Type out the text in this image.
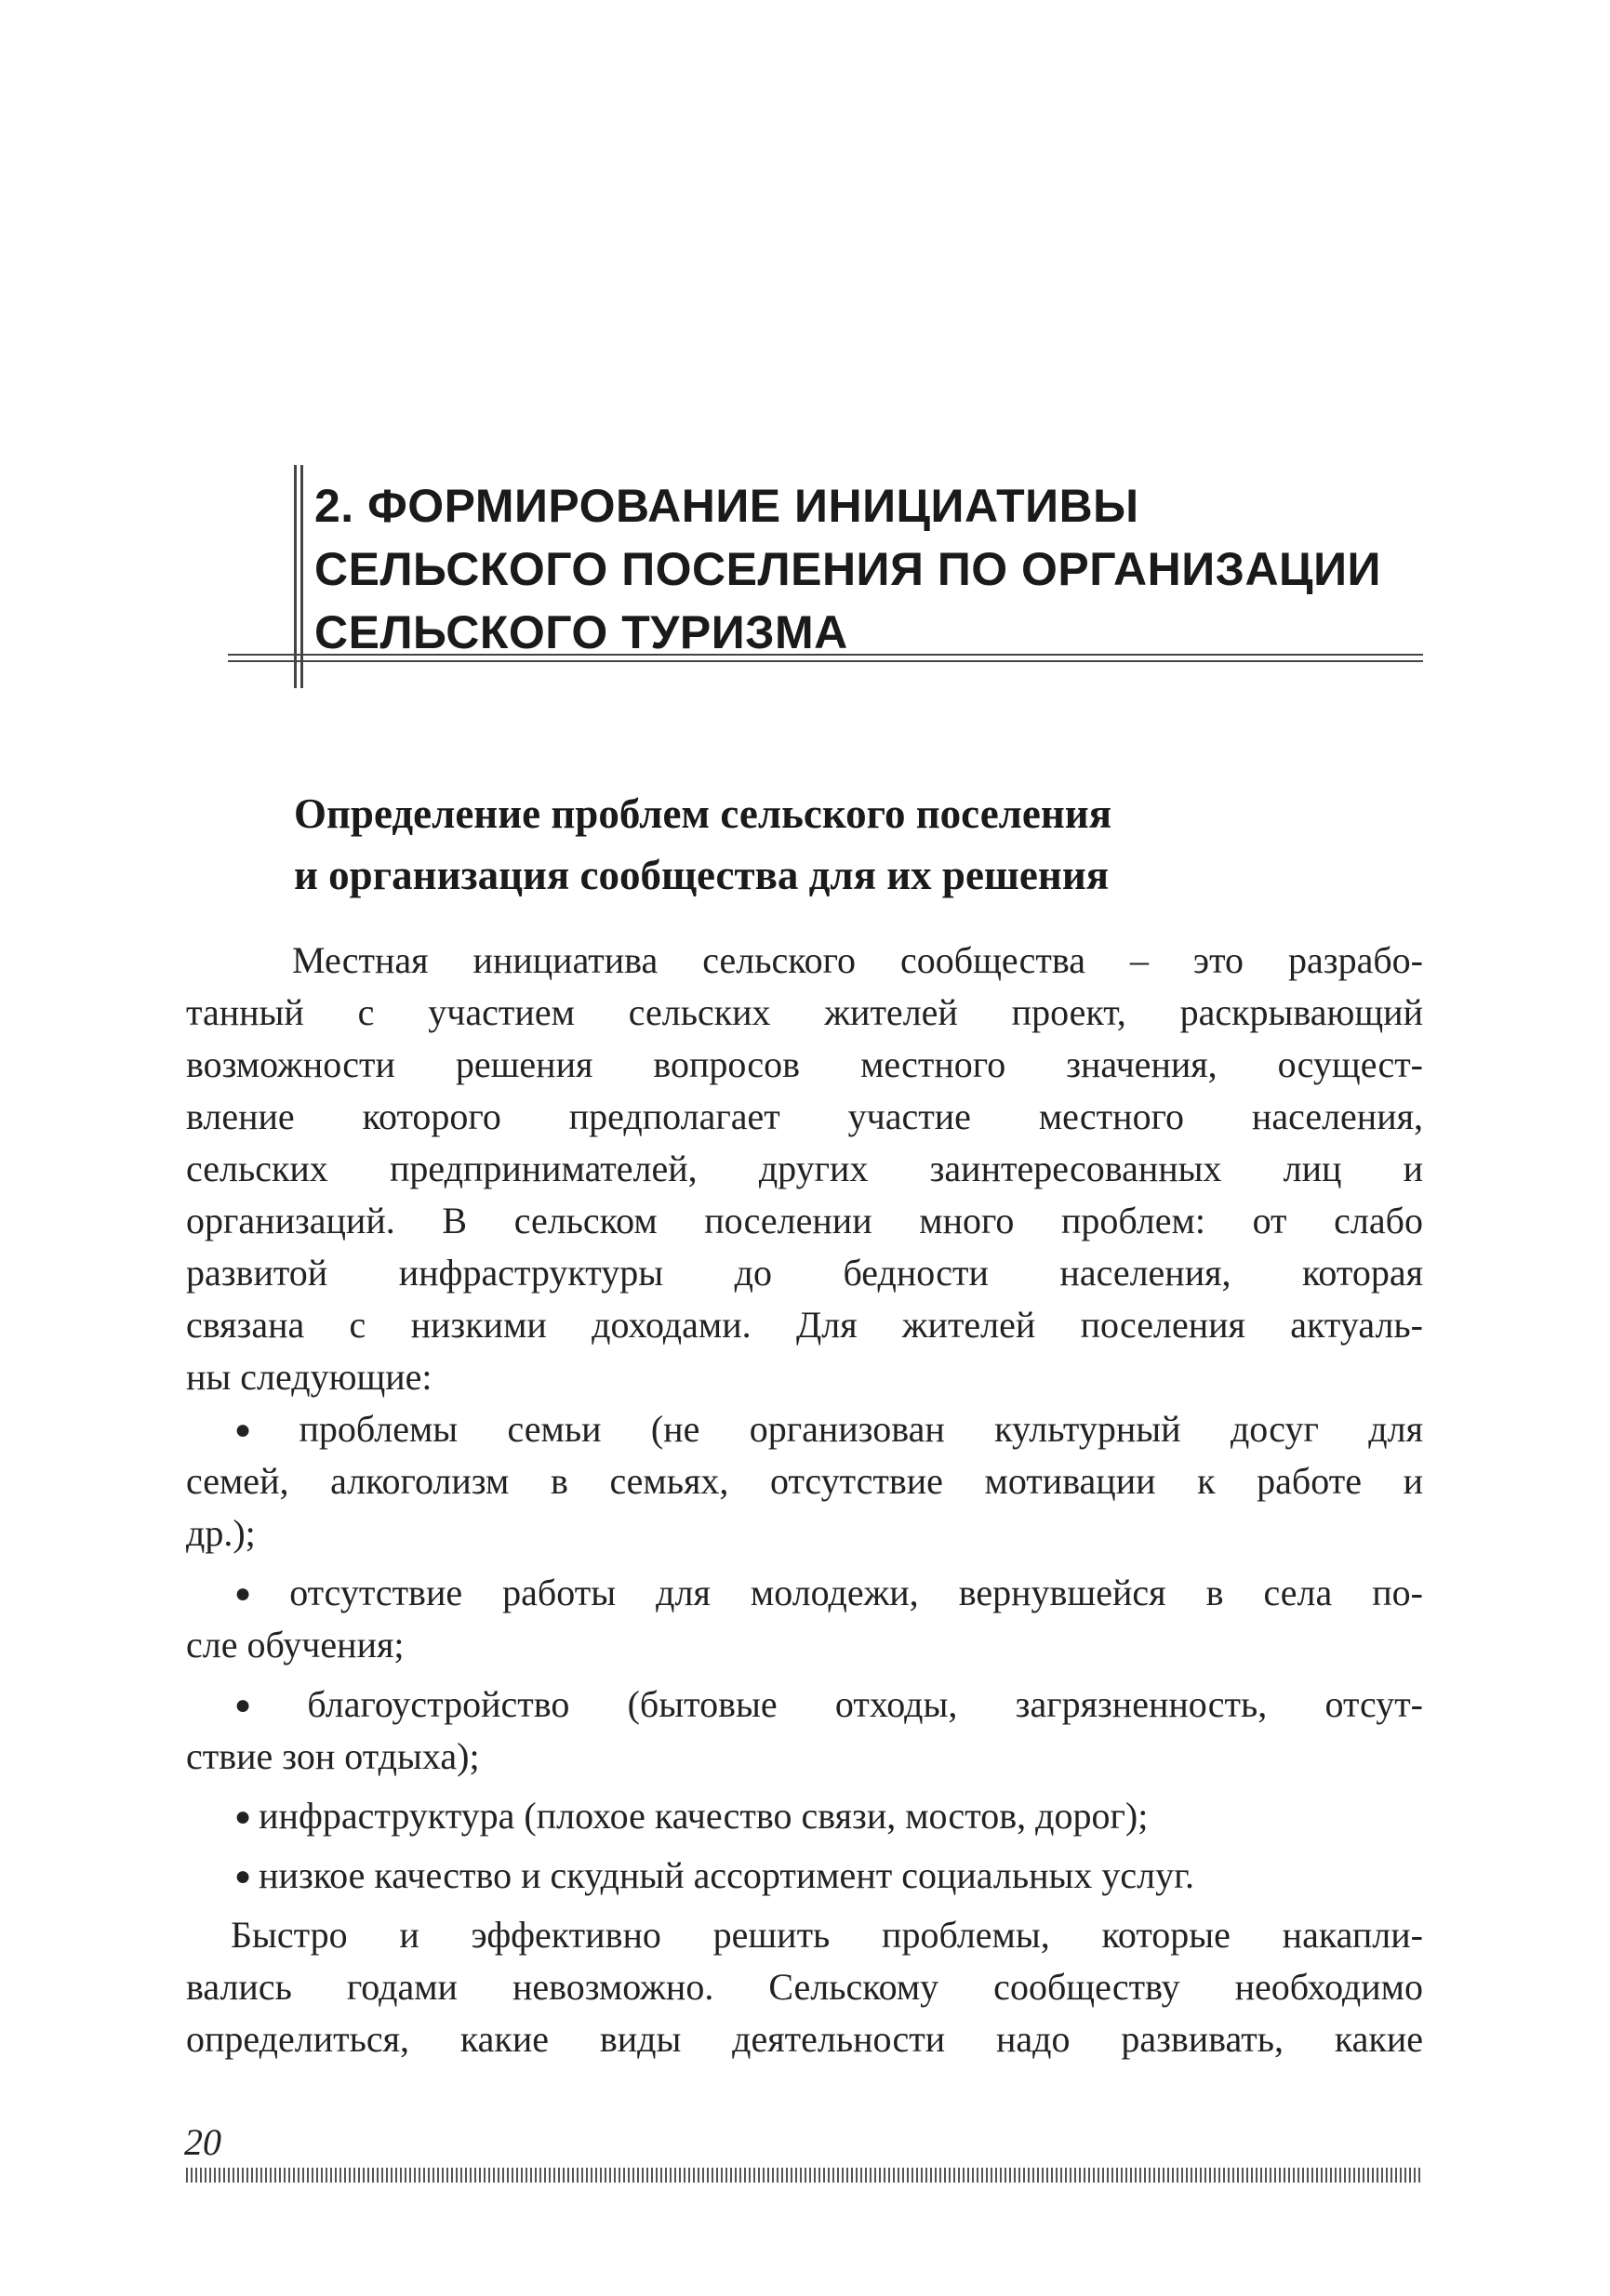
2. ФОРМИРОВАНИЕ ИНИЦИАТИВЫ
СЕЛЬСКОГО ПОСЕЛЕНИЯ ПО ОРГАНИЗАЦИИ
СЕЛЬСКОГО ТУРИЗМА
Определение проблем сельского поселения
и организация сообщества для их решения
Местная инициатива сельского сообщества – это разрабо-
танный с участием сельских жителей проект, раскрывающий
возможности решения вопросов местного значения, осущест-
вление которого предполагает участие местного населения,
сельских предпринимателей, других заинтересованных лиц и
организаций. В сельском поселении много проблем: от слабо
развитой инфраструктуры до бедности населения, которая
связана с низкими доходами. Для жителей поселения актуаль-
ны следующие:
● проблемы семьи (не организован культурный досуг для
семей, алкоголизм в семьях, отсутствие мотивации к работе и
др.);
● отсутствие работы для молодежи, вернувшейся в села по-
сле обучения;
● благоустройство (бытовые отходы, загрязненность, отсут-
ствие зон отдыха);
● инфраструктура (плохое качество связи, мостов, дорог);
● низкое качество и скудный ассортимент социальных услуг.
Быстро и эффективно решить проблемы, которые накапли-
вались годами невозможно. Сельскому сообществу необходимо
определиться, какие виды деятельности надо развивать, какие
20
